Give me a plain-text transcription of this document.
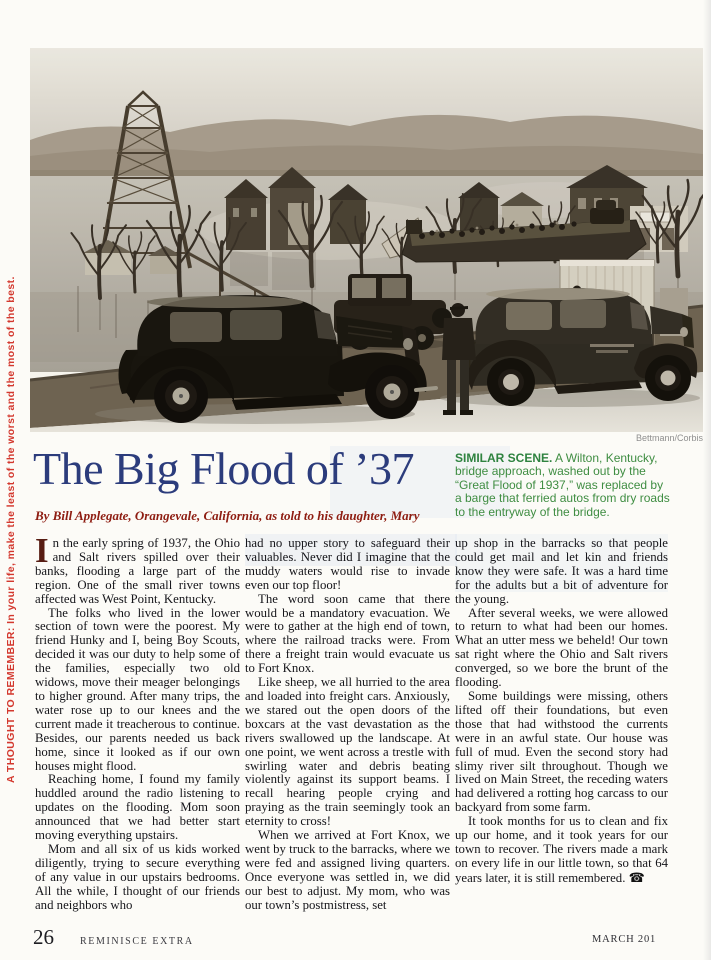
A THOUGHT TO REMEMBER: In your life, make the least of the worst and the most of the best.	Bettmann/Corbis
The Big Flood of ’37
By Bill Applegate, Orangevale, California, as told to his daughter, Mary
SIMILAR SCENE. A Wilton, Kentucky, bridge approach, washed out by the “Great Flood of 1937,” was replaced by a barge that ferried autos from dry roads to the entryway of the bridge.

In the early spring of 1937, the Ohio and Salt rivers spilled over their banks, flooding a large part of the region. One of the small river towns affected was West Point, Kentucky.

The folks who lived in the lower section of town were the poorest. My friend Hunky and I, being Boy Scouts, decided it was our duty to help some of the families, especially two old widows, move their meager belongings to higher ground. After many trips, the water rose up to our knees and the current made it treacherous to continue. Besides, our parents needed us back home, since it looked as if our own houses might flood.

Reaching home, I found my family huddled around the radio listening to updates on the flooding. Mom soon announced that we had better start moving everything upstairs.

Mom and all six of us kids worked diligently, trying to secure everything of any value in our upstairs bedrooms. All the while, I thought of our friends and neighbors who

had no upper story to safeguard their valuables. Never did I imagine that the muddy waters would rise to invade even our top floor!

The word soon came that there would be a mandatory evacuation. We were to gather at the high end of town, where the railroad tracks were. From there a freight train would evacuate us to Fort Knox.

Like sheep, we all hurried to the area and loaded into freight cars. Anxiously, we stared out the open doors of the boxcars at the vast devastation as the rivers swallowed up the landscape. At one point, we went across a trestle with swirling water and debris beating violently against its support beams. I recall hearing people crying and praying as the train seemingly took an eternity to cross!

When we arrived at Fort Knox, we went by truck to the barracks, where we were fed and assigned living quarters. Once everyone was settled in, we did our best to adjust. My mom, who was our town’s postmistress, set

up shop in the barracks so that people could get mail and let kin and friends know they were safe. It was a hard time for the adults but a bit of adventure for the young.

After several weeks, we were allowed to return to what had been our homes. What an utter mess we beheld! Our town sat right where the Ohio and Salt rivers converged, so we bore the brunt of the flooding.

Some buildings were missing, others lifted off their foundations, but even those that had withstood the currents were in an awful state. Our house was full of mud. Even the second story had slimy river silt throughout. Though we lived on Main Street, the receding waters had delivered a rotting hog carcass to our backyard from some farm.

It took months for us to clean and fix up our home, and it took years for our town to recover. The rivers made a mark on every life in our little town, so that 64 years later, it is still remembered. ☎

26	REMINISCE EXTRA	MARCH 201
